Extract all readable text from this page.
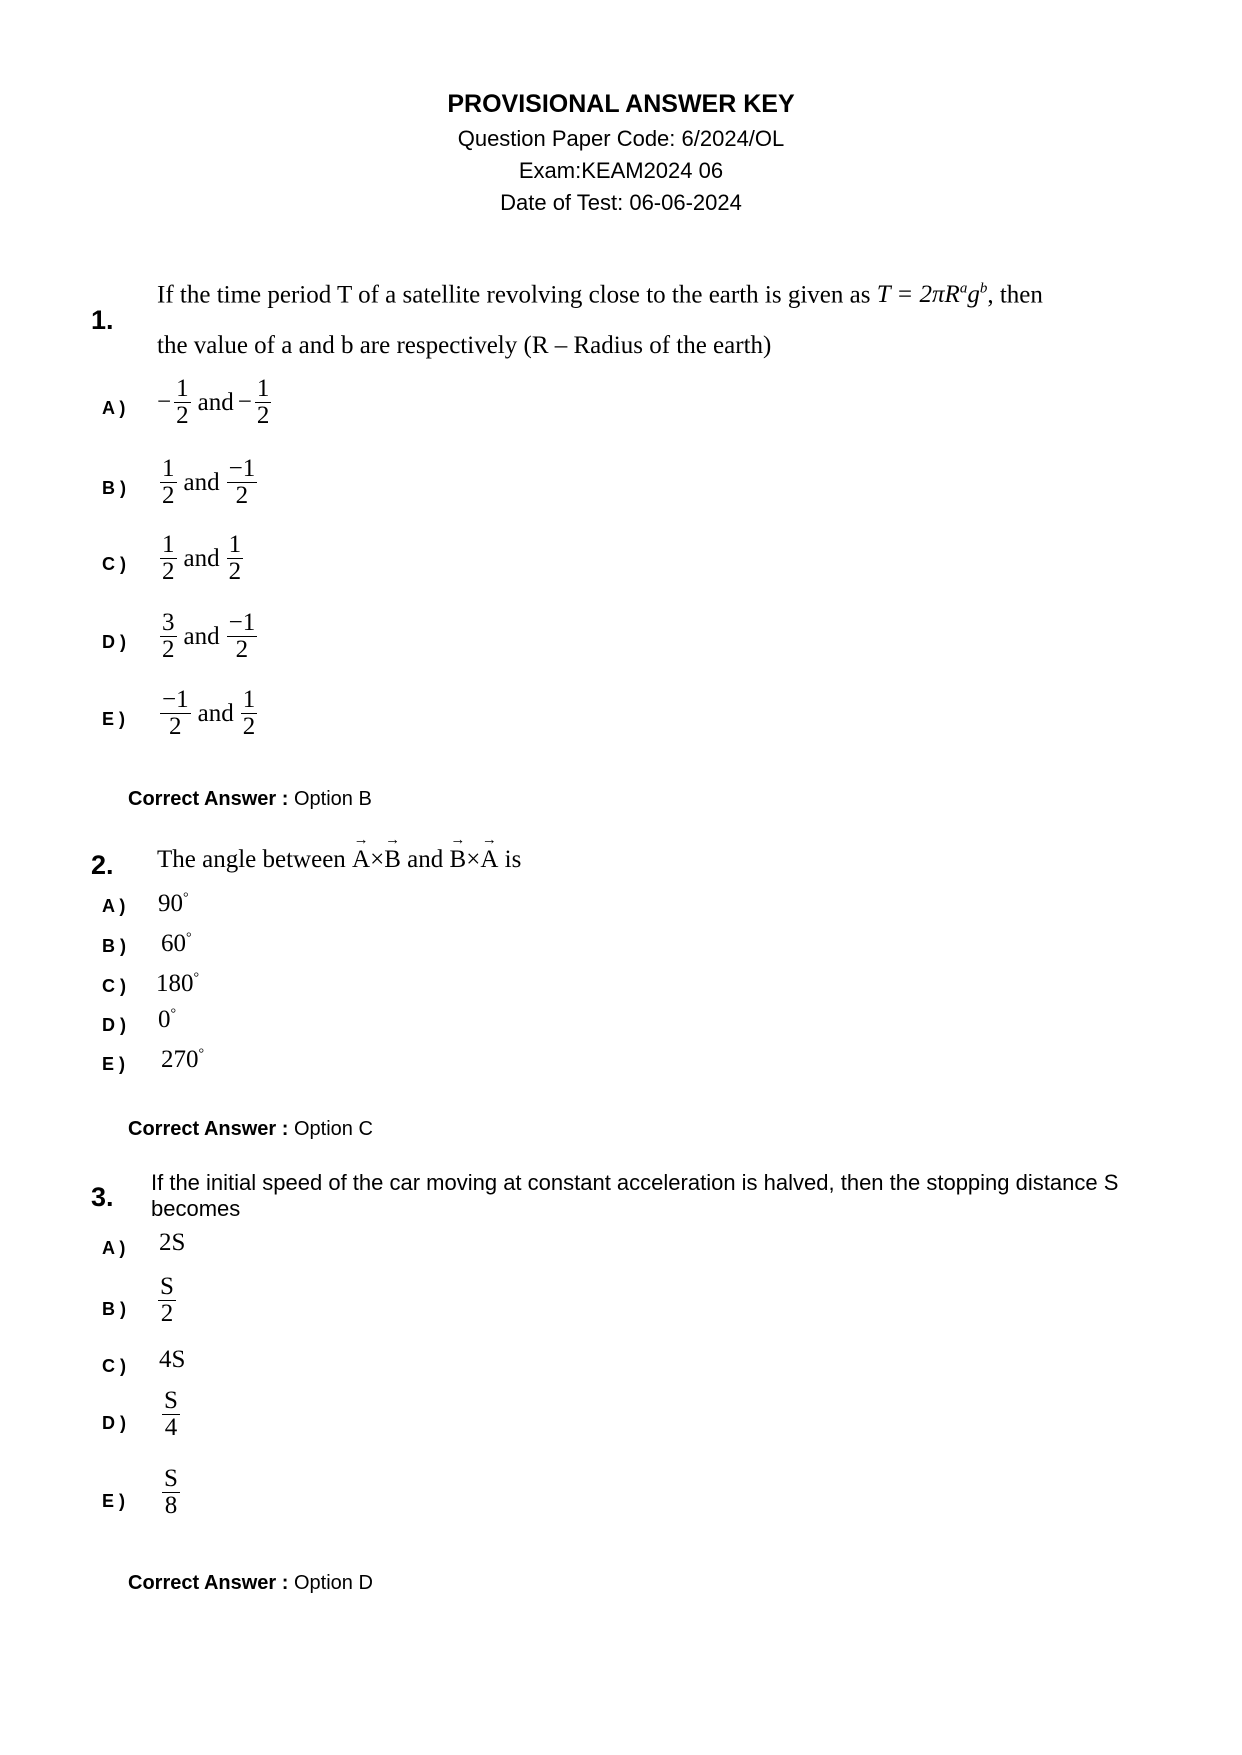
PROVISIONAL ANSWER KEY
Question Paper Code: 6/2024/OL
Exam:KEAM2024 06
Date of Test: 06-06-2024
1.
If the time period T of a satellite revolving close to the earth is given as $T = 2\pi R^ag^b$, then
the value of a and b are respectively (R – Radius of the earth)
A ) − $\frac{1}{2}$ and − $\frac{1}{2}$
B ) $\frac{1}{2}$ and $\frac{-1}{2}$
C ) $\frac{1}{2}$ and $\frac{1}{2}$
D ) $\frac{3}{2}$ and $\frac{-1}{2}$
E ) $\frac{-1}{2}$ and $\frac{1}{2}$
Correct Answer : Option B
2. The angle between → A×→ B and → B×→ A is
A ) 90°
B ) 60°
C ) 180°
D ) 0°
E ) 270°
Correct Answer : Option C
3. If the initial speed of the car moving at constant acceleration is halved, then the stopping distance S
becomes
A ) 2S
B ) $\frac{S}{2}$
C ) 4S
D ) $\frac{S}{4}$
E ) $\frac{S}{8}$
Correct Answer : Option D
